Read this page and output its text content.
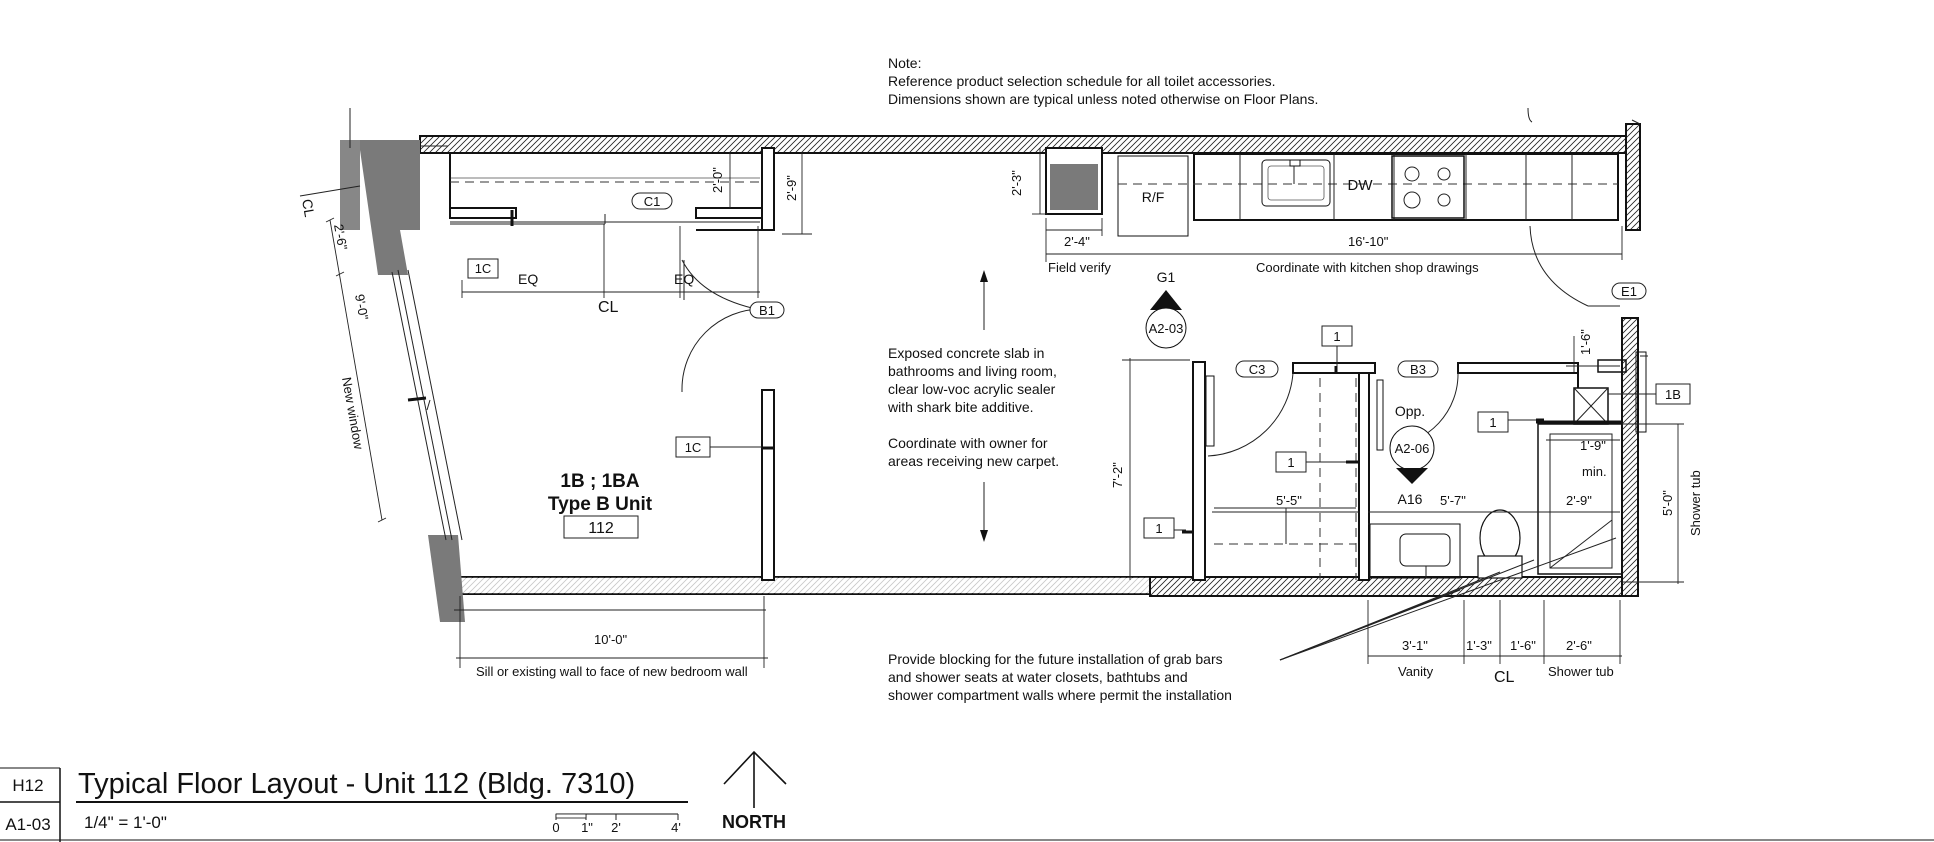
Note:
Reference product selection schedule for all toilet accessories.
Dimensions shown are typical unless noted otherwise on Floor Plans.
New window
9'-0"
2'-6"
CL
2'-0"	2'-9"
EQ	EQ
CL
10'-0"
Sill or existing wall to face of new bedroom wall
C1
1C
B1
1C
1B ; 1BA
Type B Unit
112
Exposed concrete slab in
bathrooms and living room,
clear low-voc acrylic sealer
with shark bite additive.
Coordinate with owner for
areas receiving new carpet.
R/F
DW
2'-3"
2'-4"	16'-10"
Field verify	Coordinate with kitchen shop drawings
G1
A2-03
7'-2"
5'-5"	5'-7"	2'-9"
1'-9"
min.
1'-6"
5'-0" Shower tub
3'-1"	1'-3" 1'-6" 2'-6"
Vanity	CL	Shower tub
C3	B3
E1
1
1
1
1
1B
Opp.
A2-06
A16
Provide blocking for the future installation of grab bars
and shower seats at water closets, bathtubs and
shower compartment walls where permit the installation
H12
A1-03
Typical Floor Layout - Unit 112 (Bldg. 7310)
1/4" = 1'-0"	0 1" 2'	4' NORTH
